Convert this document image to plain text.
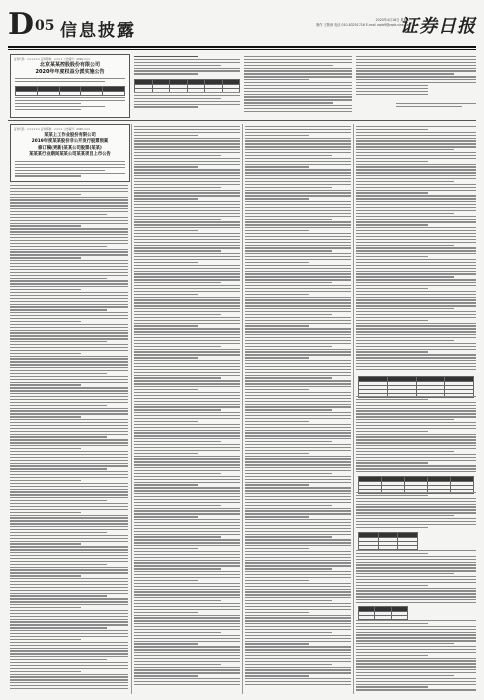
D05 信息披露
2020年4月18日 星期二
制作 王敬涛 电话 010-83251716 E-mail zqrb9@zqrb.sina.net
证券日报
证券代码：×××××× 证券简称：×××× 公告编号：2020-×××
北京某某控股股份有限公司
2020年年度权益分派实施公告

证券代码：×××××× 证券简称：×××× 公告编号：2020-×××
某某上工作业股份有限公司
2019年度某某股份非公开发行股票预案
修订稿(更新)某某公司股票(某某)
某某某行业期间某某公司某某项目上市公告
